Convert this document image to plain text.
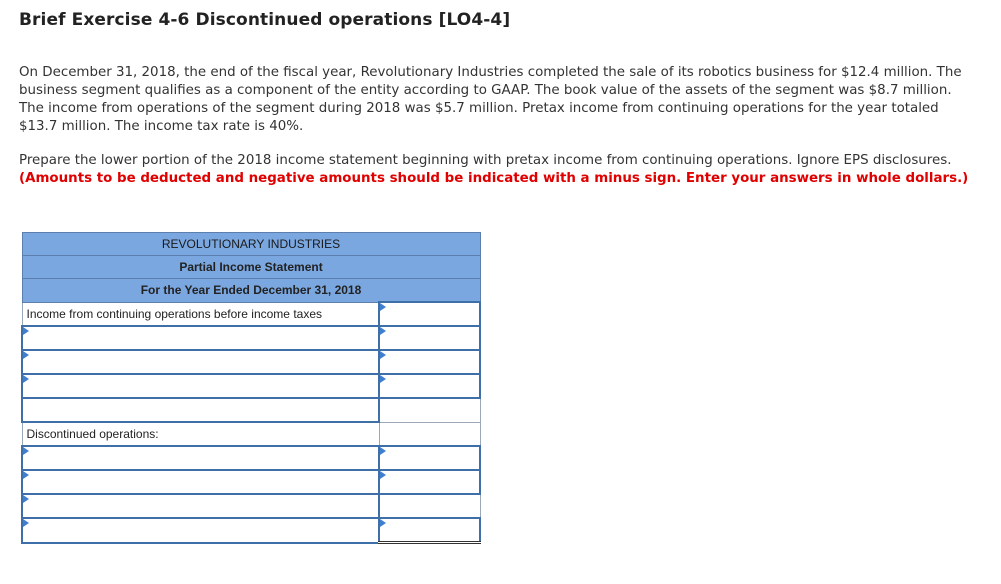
Brief Exercise 4-6 Discontinued operations [LO4-4]
On December 31, 2018, the end of the fiscal year, Revolutionary Industries completed the sale of its robotics business for $12.4 million. The business segment qualifies as a component of the entity according to GAAP. The book value of the assets of the segment was $8.7 million. The income from operations of the segment during 2018 was $5.7 million. Pretax income from continuing operations for the year totaled $13.7 million. The income tax rate is 40%.
Prepare the lower portion of the 2018 income statement beginning with pretax income from continuing operations. Ignore EPS disclosures. (Amounts to be deducted and negative amounts should be indicated with a minus sign. Enter your answers in whole dollars.)
REVOLUTIONARY INDUSTRIES	
Partial Income Statement	
For the Year Ended December 31, 2018	
Income from continuing operations before income taxes	

Discontinued operations:	
